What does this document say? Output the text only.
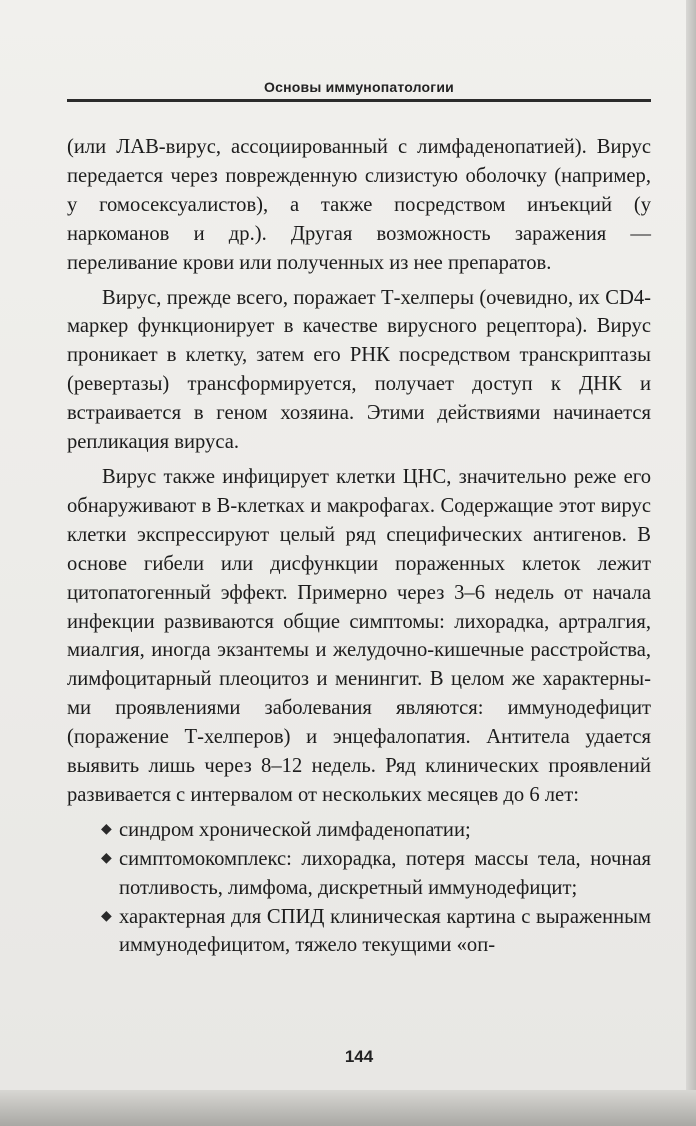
Основы иммунопатологии

(или ЛАВ-вирус, ассоциированный с лимфаденопатией). Вирус передается через поврежденную слизистую оболочку (например, у гомосексуалистов), а также посредством инъекций (у наркоманов и др.). Другая возможность заражения — переливание крови или полученных из нее препаратов.

Вирус, прежде всего, поражает Т-хелперы (очевидно, их CD4-маркер функционирует в качестве вирусного рецептора). Вирус проникает в клетку, затем его РНК посредством транскриптазы (ревертазы) трансформируется, получает доступ к ДНК и встраивается в геном хозяина. Этими действиями начинается репликация вируса.

Вирус также инфицирует клетки ЦНС, значительно реже его обнаруживают в В-клетках и макрофагах. Содержащие этот вирус клетки экспрессируют целый ряд специфических антигенов. В основе гибели или дисфункции пораженных клеток лежит цитопатогенный эффект. Примерно через 3–6 недель от начала инфекции развиваются общие симптомы: лихорадка, артралгия, миалгия, иногда экзантемы и желудочно-кишечные расстройства, лимфоцитарный плеоцитоз и менингит. В целом же характерными проявлениями заболевания являются: иммунодефицит (поражение Т-хелперов) и энцефалопатия. Антитела удается выявить лишь через 8–12 недель. Ряд клинических проявлений развивается с интервалом от нескольких месяцев до 6 лет:

◆ синдром хронической лимфаденопатии;
◆ симптомокомплекс: лихорадка, потеря массы тела, ночная потливость, лимфома, дискретный иммунодефицит;
◆ характерная для СПИД клиническая картина с выраженным иммунодефицитом, тяжело текущими «оп-
144
